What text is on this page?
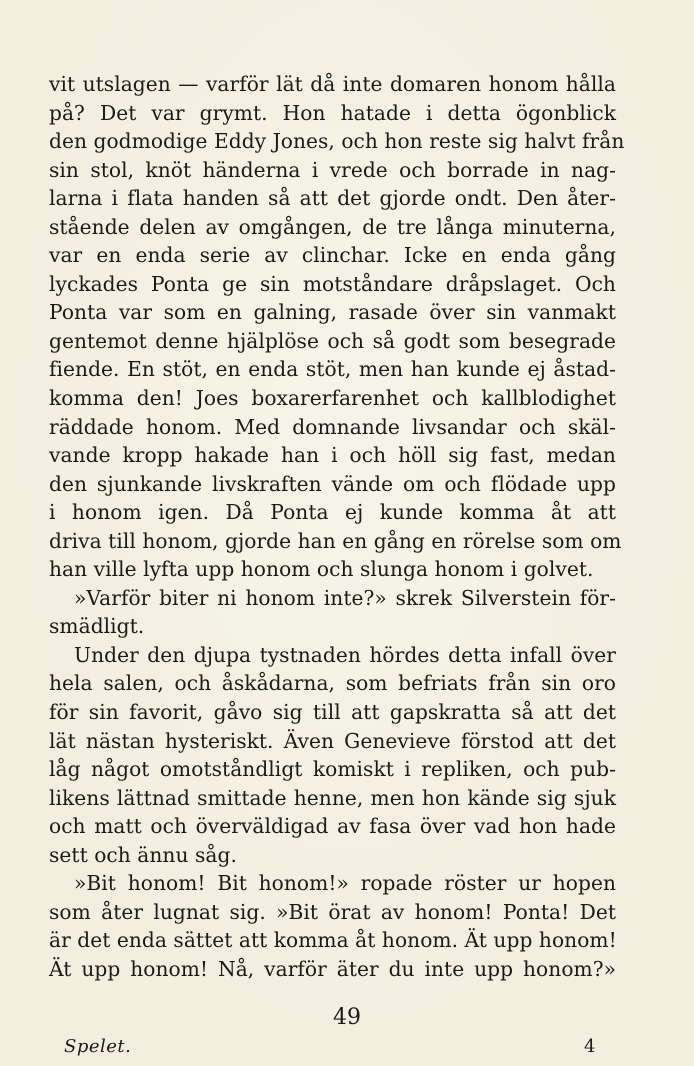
vit utslagen — varför lät då inte domaren honom hålla
på? Det var grymt. Hon hatade i detta ögonblick
den godmodige Eddy Jones, och hon reste sig halvt från
sin stol, knöt händerna i vrede och borrade in nag-
larna i flata handen så att det gjorde ondt. Den åter-
stående delen av omgången, de tre långa minuterna,
var en enda serie av clinchar. Icke en enda gång
lyckades Ponta ge sin motståndare dråpslaget. Och
Ponta var som en galning, rasade över sin vanmakt
gentemot denne hjälplöse och så godt som besegrade
fiende. En stöt, en enda stöt, men han kunde ej åstad-
komma den! Joes boxarerfarenhet och kallblodighet
räddade honom. Med domnande livsandar och skäl-
vande kropp hakade han i och höll sig fast, medan
den sjunkande livskraften vände om och flödade upp
i honom igen. Då Ponta ej kunde komma åt att
driva till honom, gjorde han en gång en rörelse som om
han ville lyfta upp honom och slunga honom i golvet.
»Varför biter ni honom inte?» skrek Silverstein för-
smädligt.
Under den djupa tystnaden hördes detta infall över
hela salen, och åskådarna, som befriats från sin oro
för sin favorit, gåvo sig till att gapskratta så att det
lät nästan hysteriskt. Även Genevieve förstod att det
låg något omotståndligt komiskt i repliken, och pub-
likens lättnad smittade henne, men hon kände sig sjuk
och matt och överväldigad av fasa över vad hon hade
sett och ännu såg.
»Bit honom! Bit honom!» ropade röster ur hopen
som åter lugnat sig. »Bit örat av honom! Ponta! Det
är det enda sättet att komma åt honom. Ät upp honom!
Ät upp honom! Nå, varför äter du inte upp honom?»
49
Spelet.	4
